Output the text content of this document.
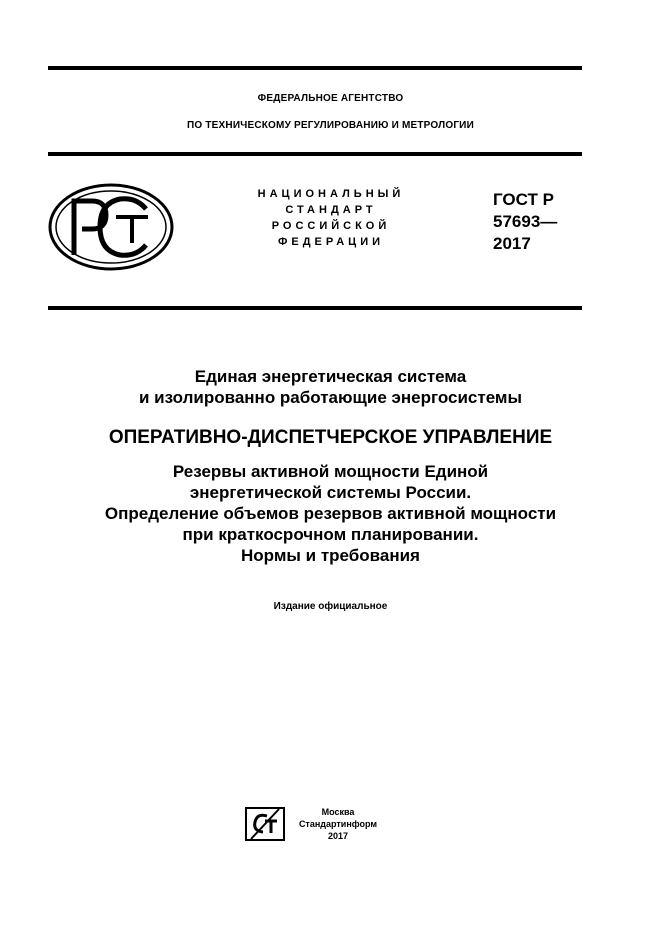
ФЕДЕРАЛЬНОЕ АГЕНТСТВО
ПО ТЕХНИЧЕСКОМУ РЕГУЛИРОВАНИЮ И МЕТРОЛОГИИ
НАЦИОНАЛЬНЫЙ
СТАНДАРТ
РОССИЙСКОЙ
ФЕДЕРАЦИИ
ГОСТ Р
57693—
2017
Единая энергетическая система
и изолированно работающие энергосистемы
ОПЕРАТИВНО-ДИСПЕТЧЕРСКОЕ УПРАВЛЕНИЕ
Резервы активной мощности Единой
энергетической системы России.
Определение объемов резервов активной мощности
при краткосрочном планировании.
Нормы и требования
Издание официальное
Москва
Стандартинформ
2017
